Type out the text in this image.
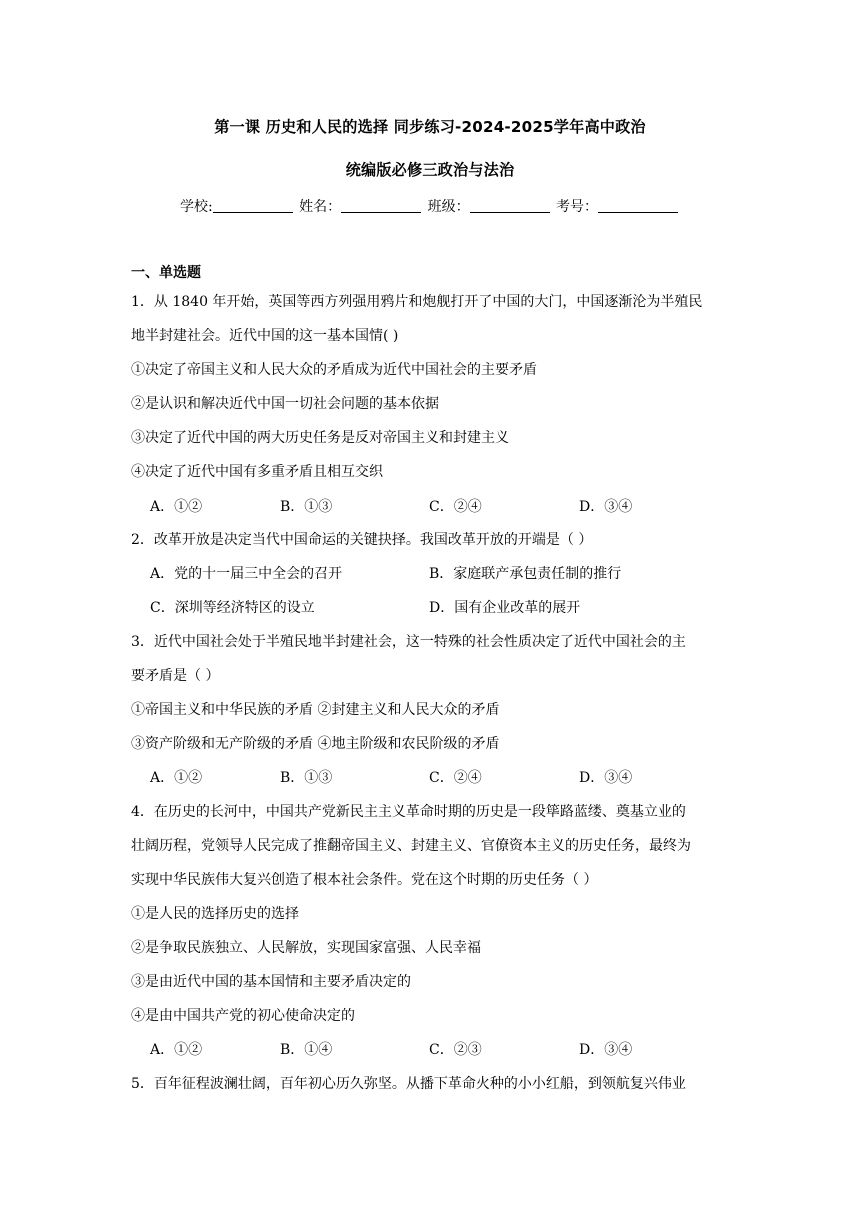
第一课 历史和人民的选择 同步练习-2024-2025学年高中政治
统编版必修三政治与法治
学校:	姓名：	班级：	考号：
一、单选题
1．从 1840 年开始，英国等西方列强用鸦片和炮舰打开了中国的大门，中国逐渐沦为半殖民
地半封建社会。近代中国的这一基本国情( )
①决定了帝国主义和人民大众的矛盾成为近代中国社会的主要矛盾
②是认识和解决近代中国一切社会问题的基本依据
③决定了近代中国的两大历史任务是反对帝国主义和封建主义
④决定了近代中国有多重矛盾且相互交织
A．①②	B．①③	C．②④	D．③④
2．改革开放是决定当代中国命运的关键抉择。我国改革开放的开端是（ ）
A．党的十一届三中全会的召开	B．家庭联产承包责任制的推行
C．深圳等经济特区的设立	D．国有企业改革的展开
3．近代中国社会处于半殖民地半封建社会，这一特殊的社会性质决定了近代中国社会的主
要矛盾是（ ）
①帝国主义和中华民族的矛盾 ②封建主义和人民大众的矛盾
③资产阶级和无产阶级的矛盾 ④地主阶级和农民阶级的矛盾
A．①②	B．①③	C．②④	D．③④
4．在历史的长河中，中国共产党新民主主义革命时期的历史是一段筚路蓝缕、奠基立业的
壮阔历程，党领导人民完成了推翻帝国主义、封建主义、官僚资本主义的历史任务，最终为
实现中华民族伟大复兴创造了根本社会条件。党在这个时期的历史任务（ ）
①是人民的选择历史的选择
②是争取民族独立、人民解放，实现国家富强、人民幸福
③是由近代中国的基本国情和主要矛盾决定的
④是由中国共产党的初心使命决定的
A．①②	B．①④	C．②③	D．③④
5．百年征程波澜壮阔，百年初心历久弥坚。从播下革命火种的小小红船，到领航复兴伟业
